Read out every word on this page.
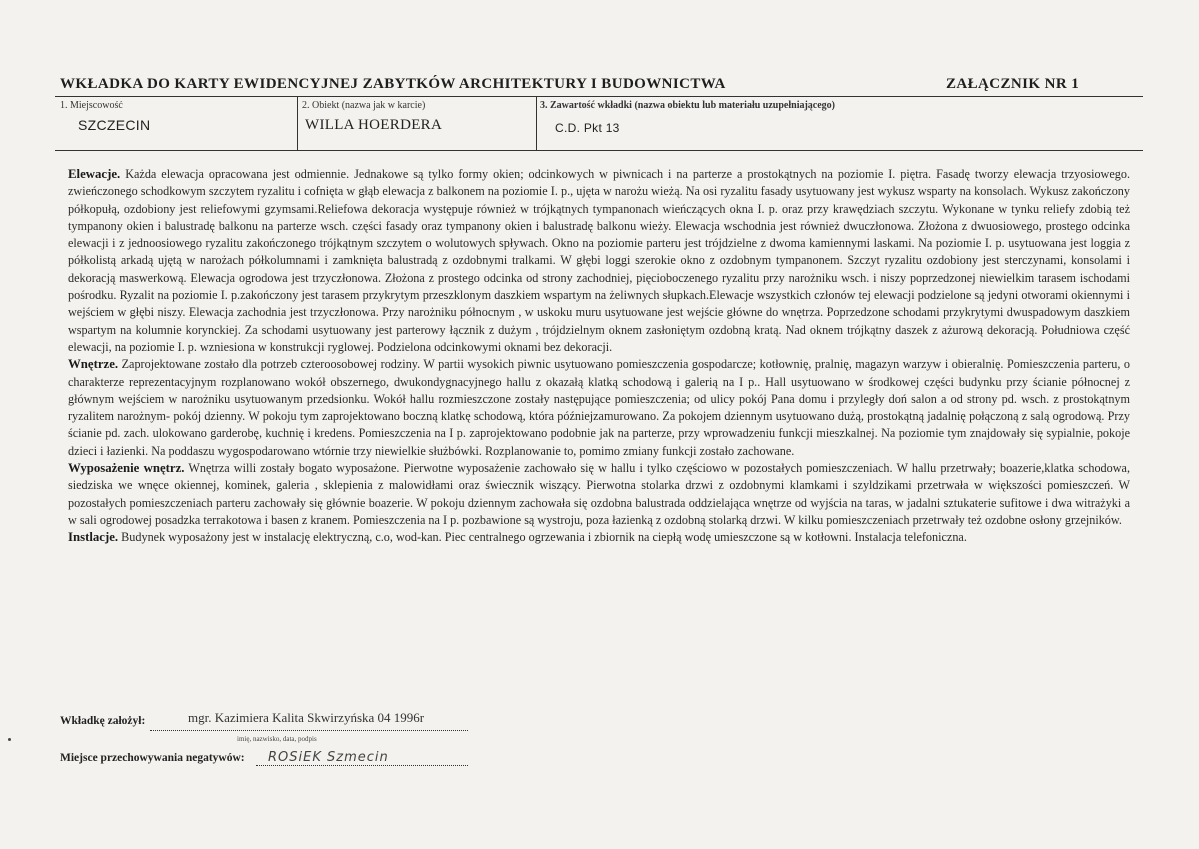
WKŁADKA DO KARTY EWIDENCYJNEJ ZABYTKÓW ARCHITEKTURY I BUDOWNICTWA	ZAŁĄCZNIK NR 1
1. Miejscowość
SZCZECIN
2. Obiekt (nazwa jak w karcie)
WILLA HOERDERA
3. Zawartość wkładki (nazwa obiektu lub materiału uzupełniającego)
C.D. Pkt 13

Elewacje. Każda elewacja opracowana jest odmiennie. Jednakowe są tylko formy okien; odcinkowych w piwnicach i na parterze a prostokątnych na poziomie I. piętra. Fasadę tworzy elewacja trzyosiowego. zwieńczonego schodkowym szczytem ryzalitu i cofnięta w głąb elewacja z balkonem na poziomie I. p., ujęta w narożu wieżą. Na osi ryzalitu fasady usytuowany jest wykusz wsparty na konsolach. Wykusz zakończony półkopułą, ozdobiony jest reliefowymi gzymsami.Reliefowa dekoracja występuje również w trójkątnych tympanonach wieńczących okna I. p. oraz przy krawędziach szczytu. Wykonane w tynku reliefy zdobią też tympanony okien i balustradę balkonu na parterze wsch. części fasady oraz tympanony okien i balustradę balkonu wieży. Elewacja wschodnia jest również dwuczłonowa. Złożona z dwuosiowego, prostego odcinka elewacji i z jednoosiowego ryzalitu zakończonego trójkątnym szczytem o wolutowych spływach. Okno na poziomie parteru jest trójdzielne z dwoma kamiennymi laskami. Na poziomie I. p. usytuowana jest loggia z półkolistą arkadą ujętą w narożach półkolumnami i zamknięta balustradą z ozdobnymi tralkami. W głębi loggi szerokie okno z ozdobnym tympanonem. Szczyt ryzalitu ozdobiony jest sterczynami, konsolami i dekoracją maswerkową. Elewacja ogrodowa jest trzyczłonowa. Złożona z prostego odcinka od strony zachodniej, pięcioboczenego ryzalitu przy narożniku wsch. i niszy poprzedzonej niewielkim tarasem ischodami pośrodku. Ryzalit na poziomie I. p.zakończony jest tarasem przykrytym przeszklonym daszkiem wspartym na żeliwnych słupkach.Elewacje wszystkich członów tej elewacji podzielone są jedyni otworami okiennymi i wejściem w głębi niszy. Elewacja zachodnia jest trzyczłonowa. Przy narożniku północnym , w uskoku muru usytuowane jest wejście główne do wnętrza. Poprzedzone schodami przykrytymi dwuspadowym daszkiem wspartym na kolumnie korynckiej. Za schodami usytuowany jest parterowy łącznik z dużym , trójdzielnym oknem zasłoniętym ozdobną kratą. Nad oknem trójkątny daszek z ażurową dekoracją. Południowa część elewacji, na poziomie I. p. wzniesiona w konstrukcji ryglowej. Podzielona odcinkowymi oknami bez dekoracji.

Wnętrze. Zaprojektowane zostało dla potrzeb czteroosobowej rodziny. W partii wysokich piwnic usytuowano pomieszczenia gospodarcze; kotłownię, pralnię, magazyn warzyw i obieralnię. Pomieszczenia parteru, o charakterze reprezentacyjnym rozplanowano wokół obszernego, dwukondygnacyjnego hallu z okazałą klatką schodową i galerią na I p.. Hall usytuowano w środkowej części budynku przy ścianie północnej z głównym wejściem w narożniku usytuowanym przedsionku. Wokół hallu rozmieszczone zostały następujące pomieszczenia; od ulicy pokój Pana domu i przyległy doń salon a od strony pd. wsch. z prostokątnym ryzalitem narożnym- pokój dzienny. W pokoju tym zaprojektowano boczną klatkę schodową, która późniejzamurowano. Za pokojem dziennym usytuowano dużą, prostokątną jadalnię połączoną z salą ogrodową. Przy ścianie pd. zach. ulokowano garderobę, kuchnię i kredens. Pomieszczenia na I p. zaprojektowano podobnie jak na parterze, przy wprowadzeniu funkcji mieszkalnej. Na poziomie tym znajdowały się sypialnie, pokoje dzieci i łazienki. Na poddaszu wygospodarowano wtórnie trzy niewielkie służbówki. Rozplanowanie to, pomimo zmiany funkcji zostało zachowane.

Wyposażenie wnętrz. Wnętrza willi zostały bogato wyposażone. Pierwotne wyposażenie zachowało się w hallu i tylko częściowo w pozostałych pomieszczeniach. W hallu przetrwały; boazerie,klatka schodowa, siedziska we wnęce okiennej, kominek, galeria , sklepienia z malowidłami oraz świecznik wiszący. Pierwotna stolarka drzwi z ozdobnymi klamkami i szyldzikami przetrwała w większości pomieszczeń. W pozostałych pomieszczeniach parteru zachowały się głównie boazerie. W pokoju dziennym zachowała się ozdobna balustrada oddzielająca wnętrze od wyjścia na taras, w jadalni sztukaterie sufitowe i dwa witrażyki a w sali ogrodowej posadzka terrakotowa i basen z kranem. Pomieszczenia na I p. pozbawione są wystroju, poza łazienką z ozdobną stolarką drzwi. W kilku pomieszczeniach przetrwały też ozdobne osłony grzejników.

Instlacje. Budynek wyposażony jest w instalację elektryczną, c.o, wod-kan. Piec centralnego ogrzewania i zbiornik na ciepłą wodę umieszczone są w kotłowni. Instalacja telefoniczna.

Wkładkę założył:	mgr. Kazimiera Kalita Skwirzyńska 04 1996r
imię, nazwisko, data, podpis
Miejsce przechowywania negatywów: ROSiEK Szmecin
